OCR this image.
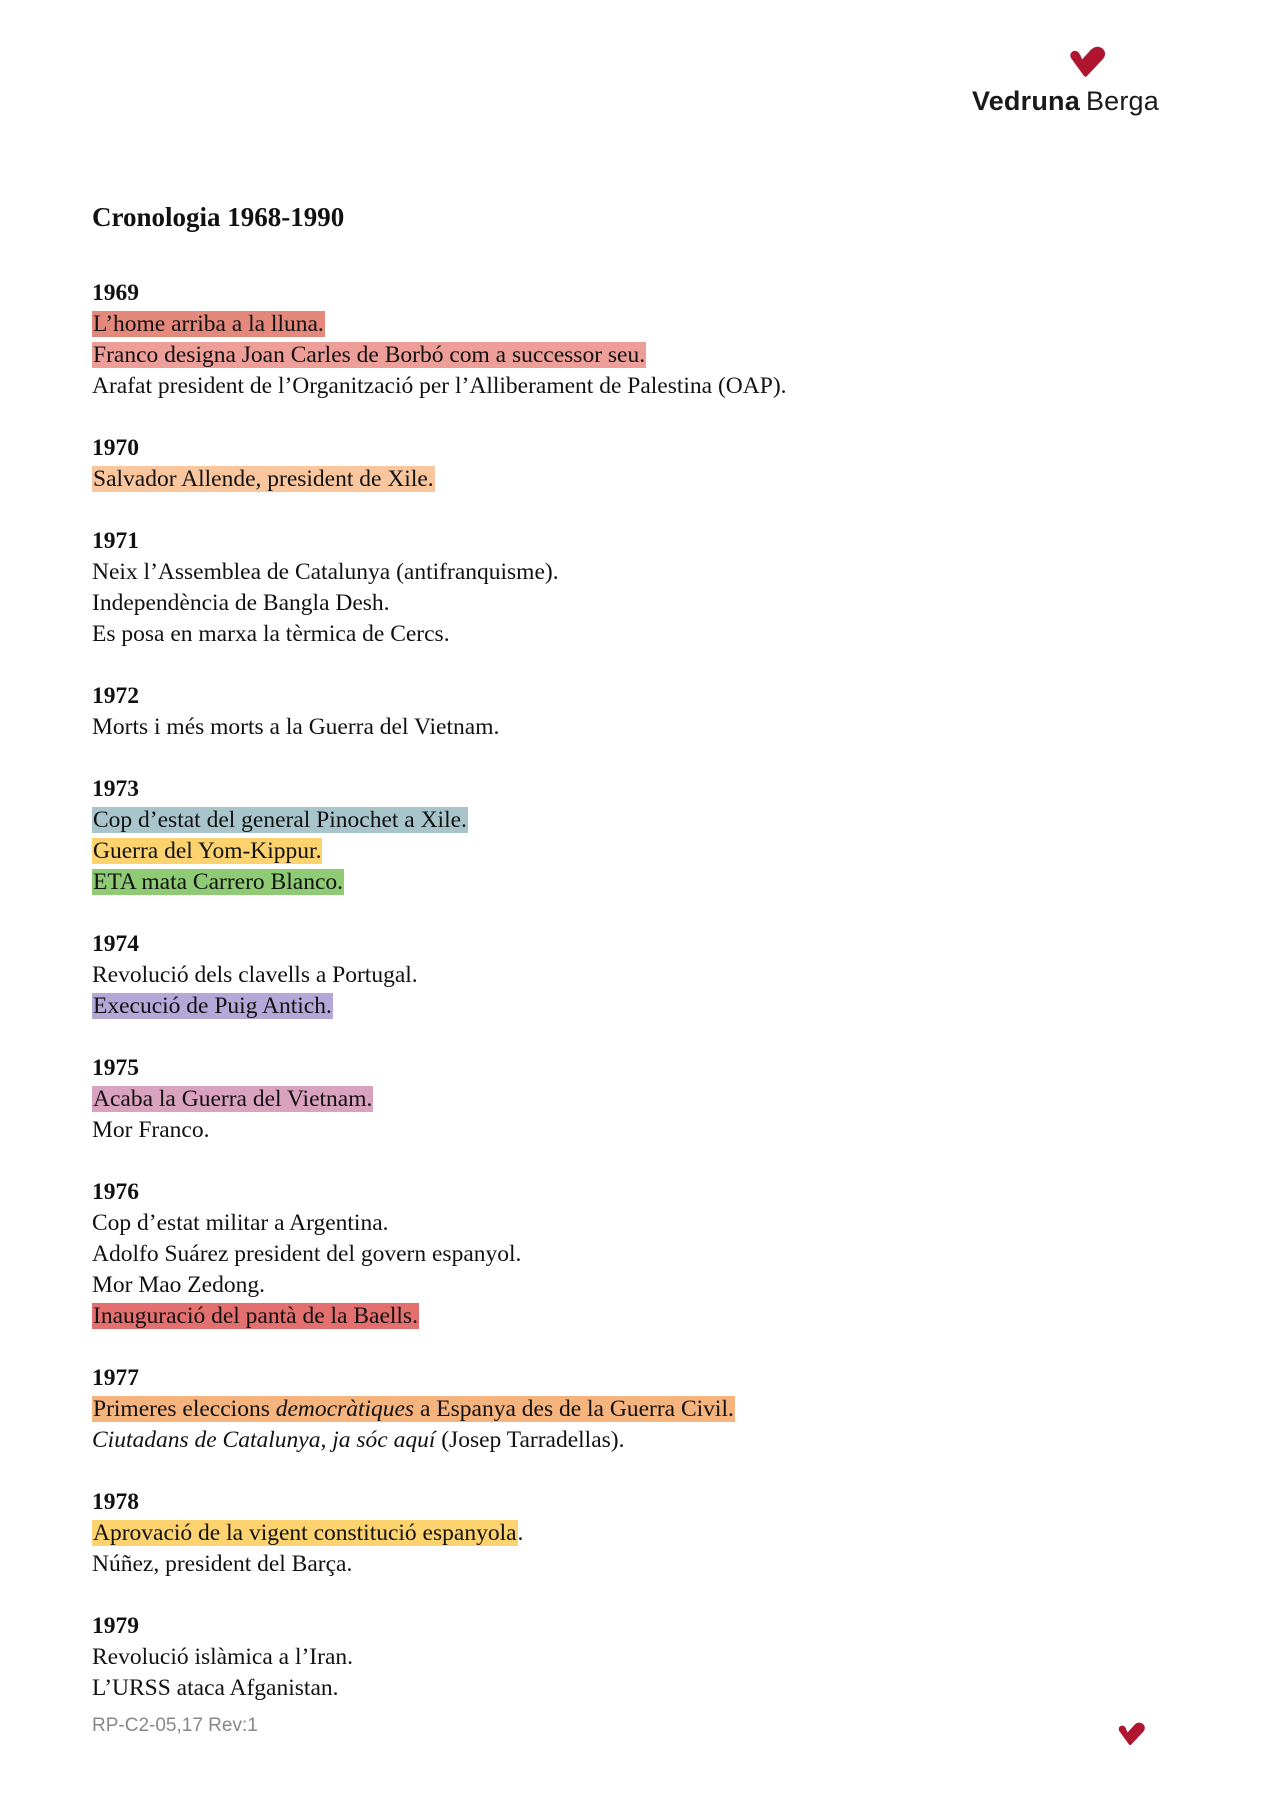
Vedruna Berga
Cronologia 1968-1990
1969
L’home arriba a la lluna.
Franco designa Joan Carles de Borbó com a successor seu.
Arafat president de l’Organització per l’Alliberament de Palestina (OAP).
1970
Salvador Allende, president de Xile.
1971
Neix l’Assemblea de Catalunya (antifranquisme).
Independència de Bangla Desh.
Es posa en marxa la tèrmica de Cercs.
1972
Morts i més morts a la Guerra del Vietnam.
1973
Cop d’estat del general Pinochet a Xile.
Guerra del Yom-Kippur.
ETA mata Carrero Blanco.
1974
Revolució dels clavells a Portugal.
Execució de Puig Antich.
1975
Acaba la Guerra del Vietnam.
Mor Franco.
1976
Cop d’estat militar a Argentina.
Adolfo Suárez president del govern espanyol.
Mor Mao Zedong.
Inauguració del pantà de la Baells.
1977
Primeres eleccions democràtiques a Espanya des de la Guerra Civil.
Ciutadans de Catalunya, ja sóc aquí (Josep Tarradellas).
1978
Aprovació de la vigent constitució espanyola.
Núñez, president del Barça.
1979
Revolució islàmica a l’Iran.
L’URSS ataca Afganistan.
RP-C2-05,17 Rev:1
